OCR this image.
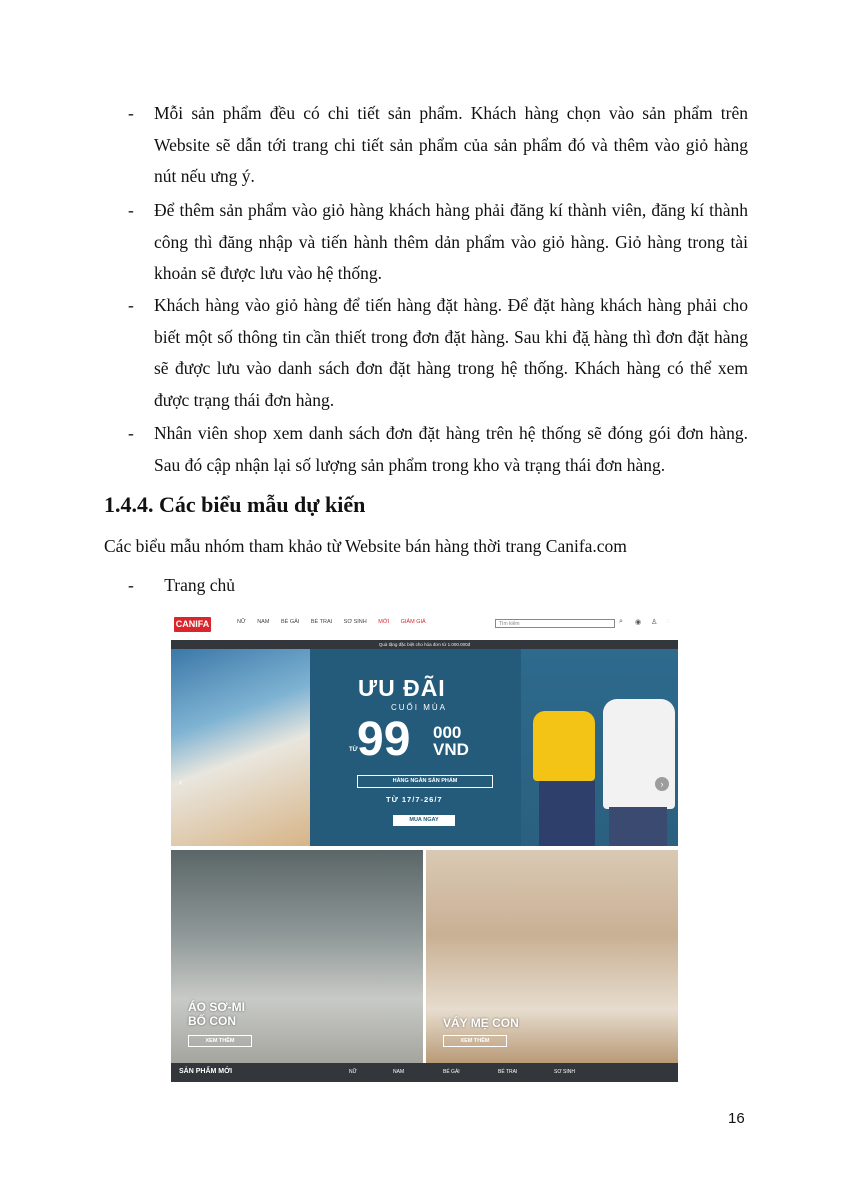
- Mỗi sản phẩm đều có chi tiết sản phẩm. Khách hàng chọn vào sản phẩm trên Website sẽ dẫn tới trang chi tiết sản phẩm của sản phẩm đó và thêm vào giỏ hàng nút nếu ưng ý.
- Để thêm sản phẩm vào giỏ hàng khách hàng phải đăng kí thành viên, đăng kí thành công thì đăng nhập và tiến hành thêm dản phẩm vào giỏ hàng. Giỏ hàng trong tài khoản sẽ được lưu vào hệ thống.
- Khách hàng vào giỏ hàng để tiến hàng đặt hàng. Để đặt hàng khách hàng phải cho biết một số thông tin cần thiết trong đơn đặt hàng. Sau khi đặ̣ hàng thì đơn đặt hàng sẽ được lưu vào danh sách đơn đặt hàng trong hệ thống. Khách hàng có thể xem được trạng thái đơn hàng.
- Nhân viên shop xem danh sách đơn đặt hàng trên hệ thống sẽ đóng gói đơn hàng. Sau đó cập nhận lại số lượng sản phẩm trong kho và trạng thái đơn hàng.
1.4.4. Các biểu mẫu dự kiến
Các biểu mẫu nhóm tham khảo từ Website bán hàng thời trang Canifa.com
- Trang chủ
CANIFA	NỮ NAM BÉ GÁI BÉ TRAI SƠ SINH MỚI GIẢM GIÁ	Tìm kiếm	⌕ ◉ ♙ ◌
Quà tặng đặc biệt cho hóa đơn từ 1.000.000đ
ƯU ĐÃI
CUỐI MÙA
TỪ 99 000
VND
HÀNG NGÀN SẢN PHẨM
TỪ 17/7-26/7
MUA NGAY
‹	›
ÁO SƠ-MI
BỐ CON
XEM THÊM
VÁY MẸ CON
XEM THÊM
SẢN PHẨM MỚI	NỮ	NAM	BÉ GÁI	BÉ TRAI	SƠ SINH
16
